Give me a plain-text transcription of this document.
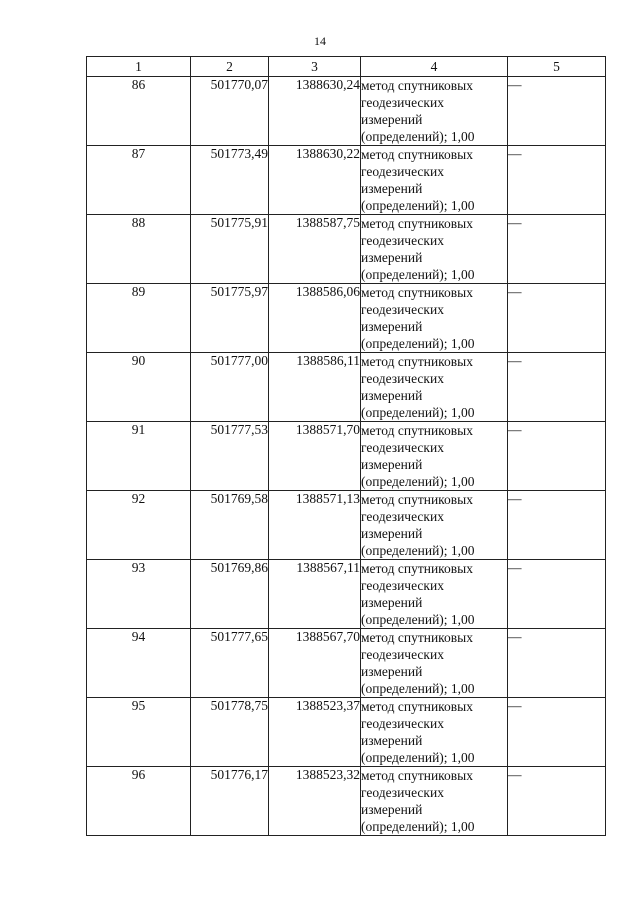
14
1	2	3	4	5
86	501770,07	1388630,24	метод спутниковых
геодезических
измерений
(определений); 1,00	—
87	501773,49	1388630,22	метод спутниковых
геодезических
измерений
(определений); 1,00	—
88	501775,91	1388587,75	метод спутниковых
геодезических
измерений
(определений); 1,00	—
89	501775,97	1388586,06	метод спутниковых
геодезических
измерений
(определений); 1,00	—
90	501777,00	1388586,11	метод спутниковых
геодезических
измерений
(определений); 1,00	—
91	501777,53	1388571,70	метод спутниковых
геодезических
измерений
(определений); 1,00	—
92	501769,58	1388571,13	метод спутниковых
геодезических
измерений
(определений); 1,00	—
93	501769,86	1388567,11	метод спутниковых
геодезических
измерений
(определений); 1,00	—
94	501777,65	1388567,70	метод спутниковых
геодезических
измерений
(определений); 1,00	—
95	501778,75	1388523,37	метод спутниковых
геодезических
измерений
(определений); 1,00	—
96	501776,17	1388523,32	метод спутниковых
геодезических
измерений
(определений); 1,00	—
